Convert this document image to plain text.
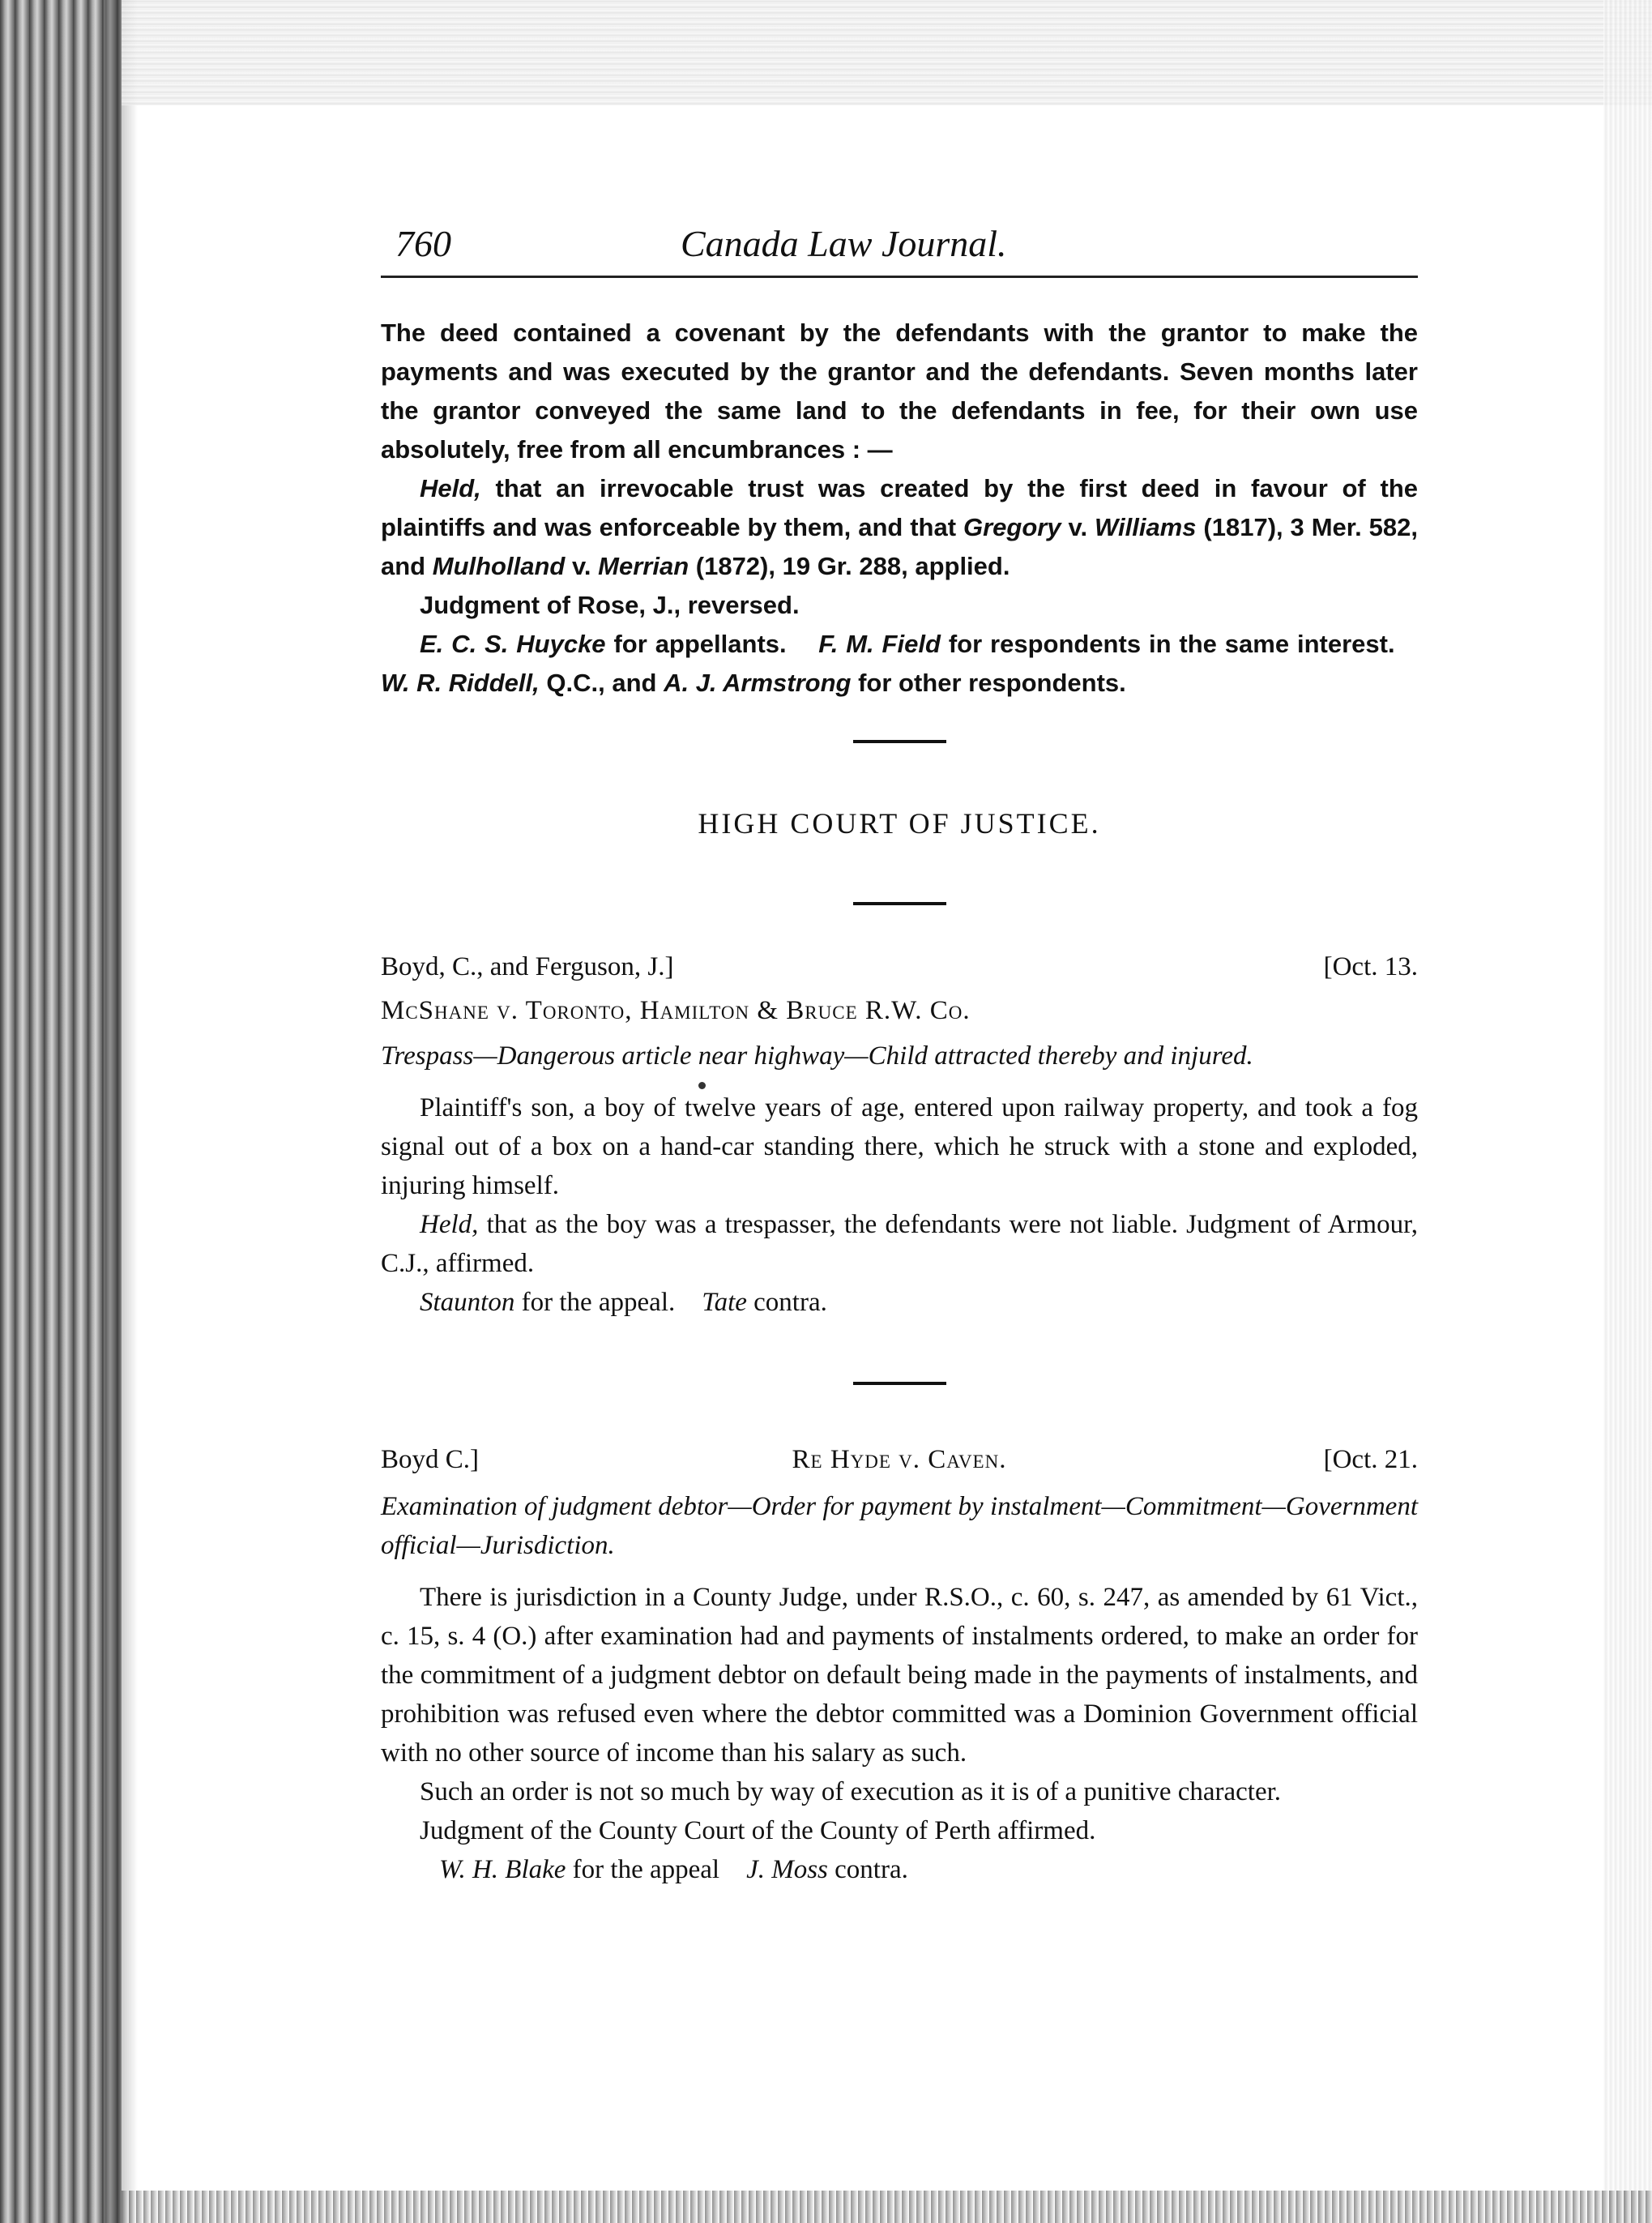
760	Canada Law Journal.

The deed contained a covenant by the defendants with the grantor to make the payments and was executed by the grantor and the defendants. Seven months later the grantor conveyed the same land to the defendants in fee, for their own use absolutely, free from all encumbrances : —

Held, that an irrevocable trust was created by the first deed in favour of the plaintiffs and was enforceable by them, and that Gregory v. Williams (1817), 3 Mer. 582, and Mulholland v. Merrian (1872), 19 Gr. 288, applied.

Judgment of Rose, J., reversed.

E. C. S. Huycke for appellants. F. M. Field for respondents in the same interest.    W. R. Riddell, Q.C., and A. J. Armstrong for other respondents.

HIGH COURT OF JUSTICE.

Boyd, C., and Ferguson, J.]	[Oct. 13.

McShane v. Toronto, Hamilton & Bruce R.W. Co.

Trespass—Dangerous article near highway—Child attracted thereby and injured.

Plaintiff's son, a boy of twelve years of age, entered upon railway property, and took a fog signal out of a box on a hand-car standing there, which he struck with a stone and exploded, injuring himself.

Held, that as the boy was a trespasser, the defendants were not liable. Judgment of Armour, C.J., affirmed.

Staunton for the appeal. Tate contra.

Boyd C.]	Re Hyde v. Caven.	[Oct. 21.

Examination of judgment debtor—Order for payment by instalment—Commitment—Government official—Jurisdiction.

There is jurisdiction in a County Judge, under R.S.O., c. 60, s. 247, as amended by 61 Vict., c. 15, s. 4 (O.) after examination had and payments of instalments ordered, to make an order for the commitment of a judgment debtor on default being made in the payments of instalments, and prohibition was refused even where the debtor committed was a Dominion Government official with no other source of income than his salary as such.

Such an order is not so much by way of execution as it is of a punitive character.

Judgment of the County Court of the County of Perth affirmed.

W. H. Blake for the appeal J. Moss contra.
